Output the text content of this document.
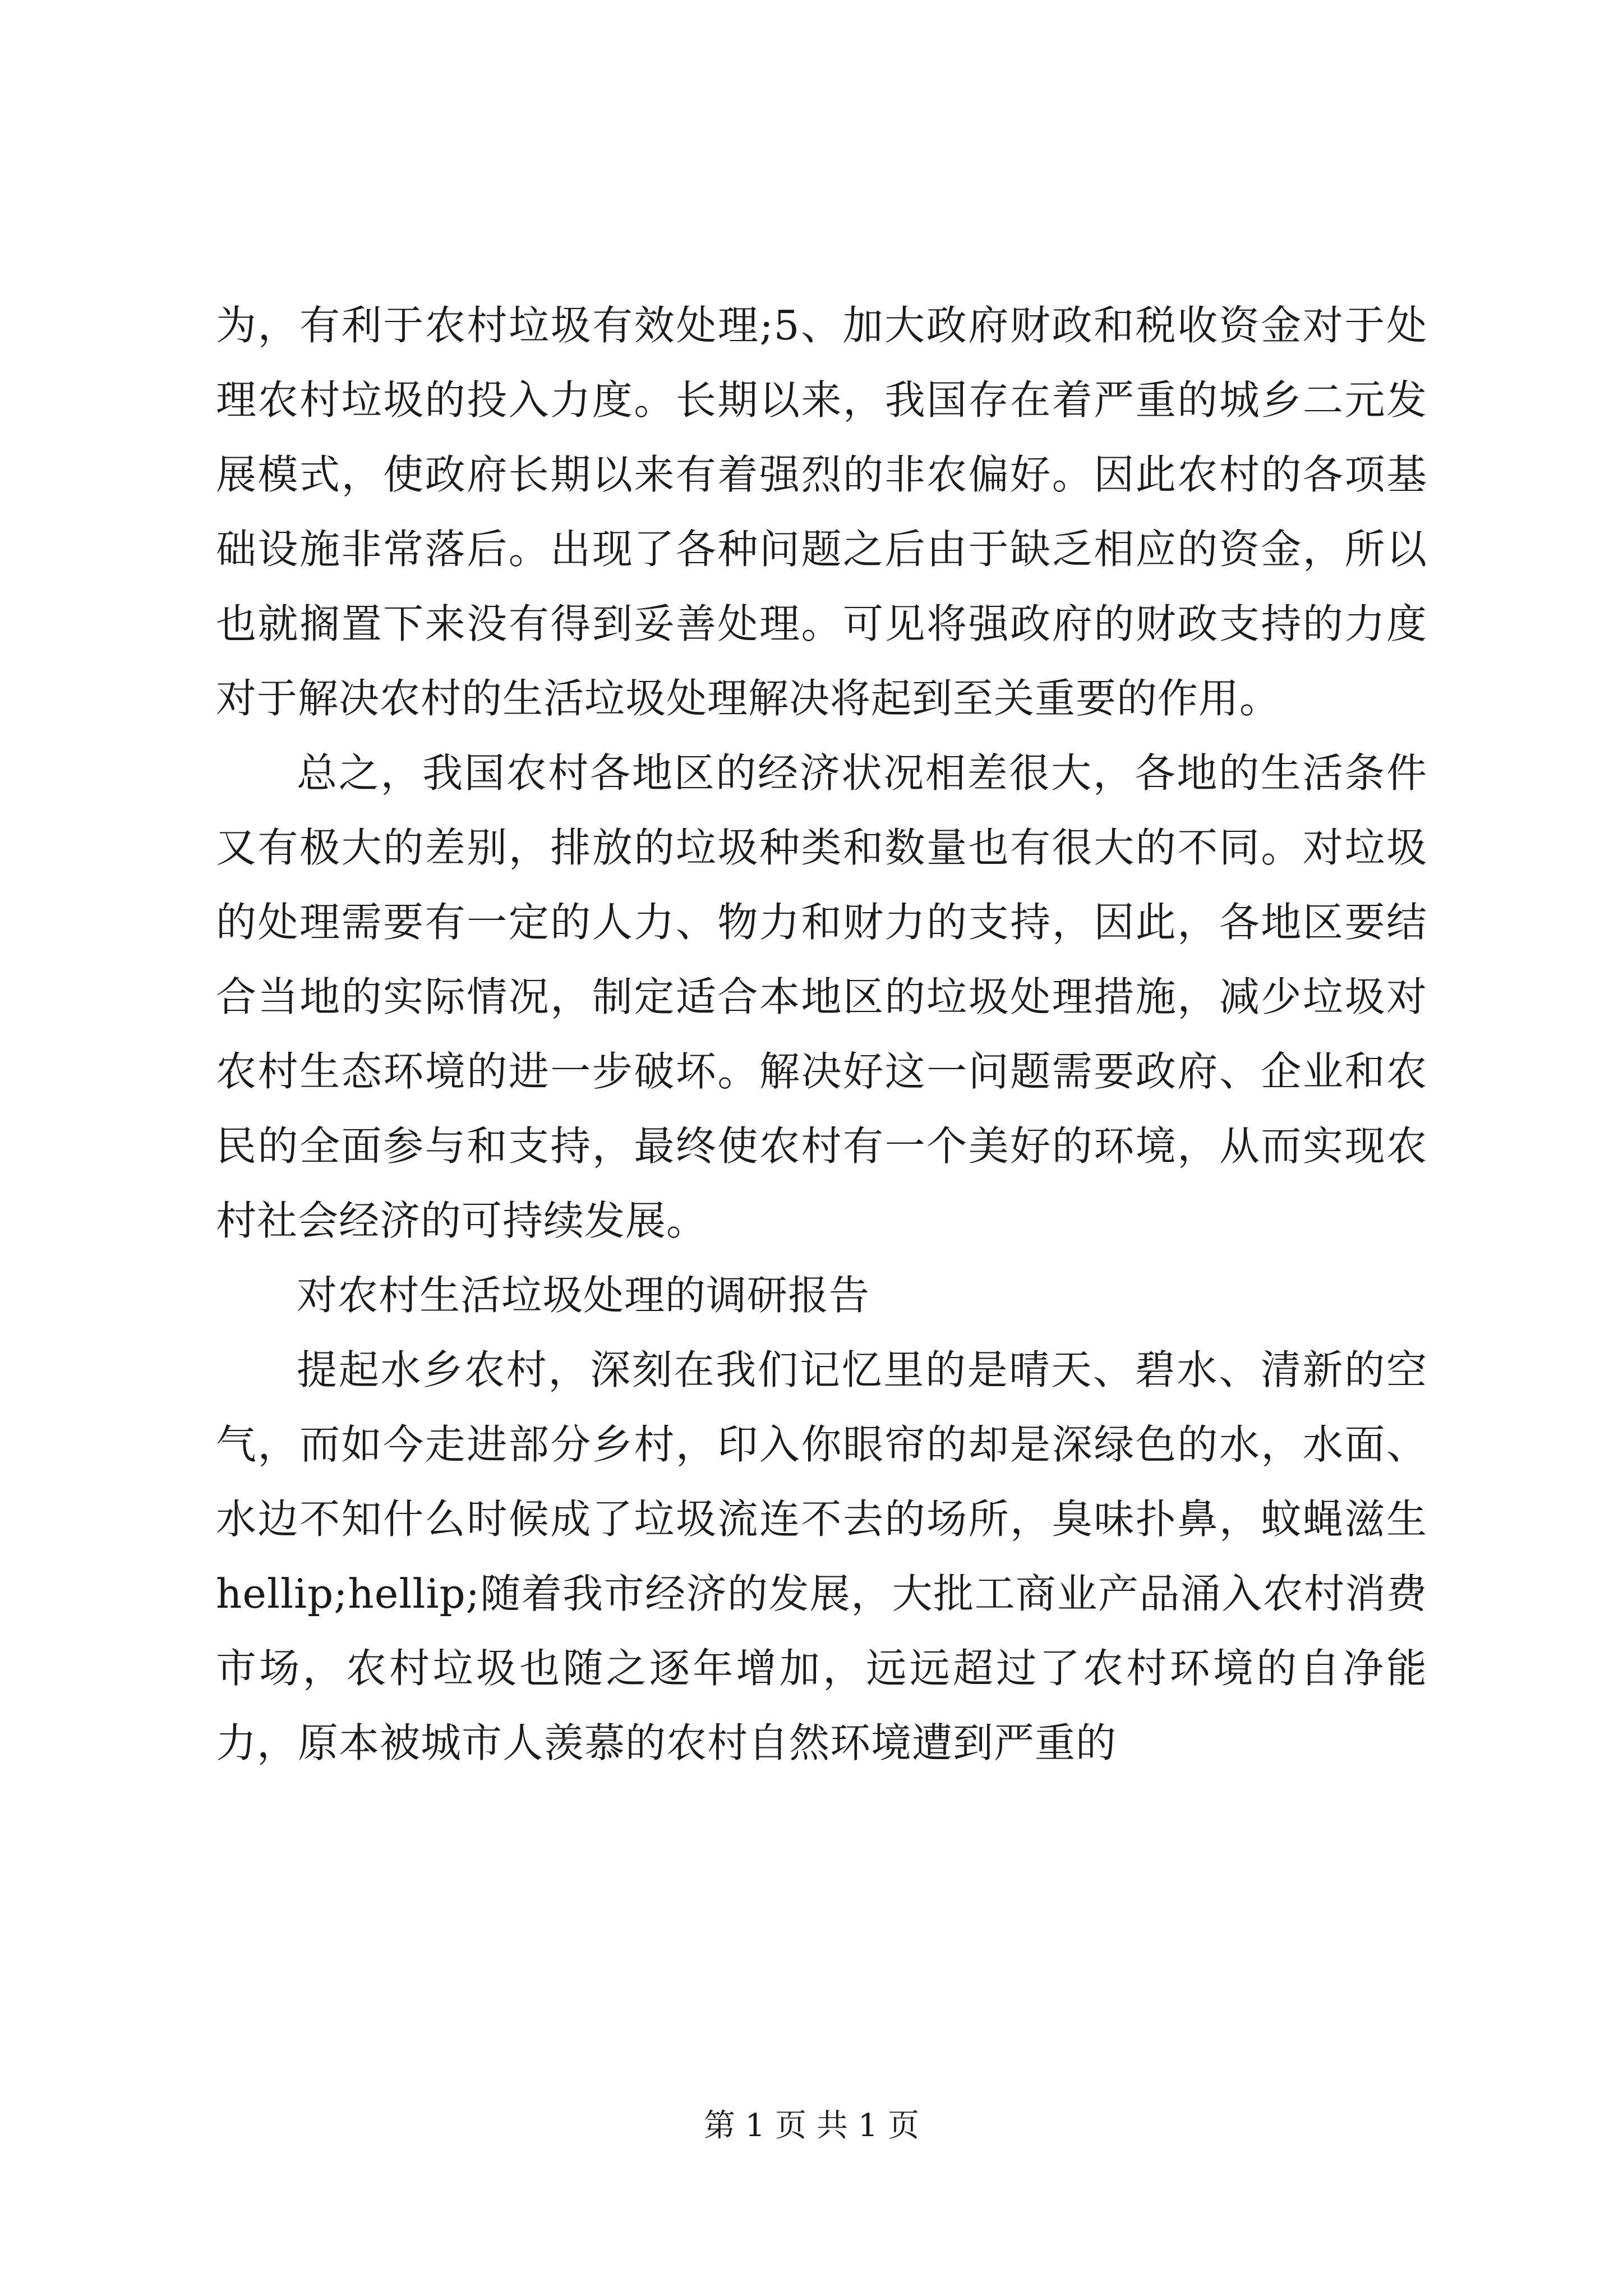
为，有利于农村垃圾有效处理;5、加大政府财政和税收资金对于处理农村垃圾的投入力度。长期以来，我国存在着严重的城乡二元发展模式，使政府长期以来有着强烈的非农偏好。因此农村的各项基础设施非常落后。出现了各种问题之后由于缺乏相应的资金，所以也就搁置下来没有得到妥善处理。可见将强政府的财政支持的力度对于解决农村的生活垃圾处理解决将起到至关重要的作用。

总之，我国农村各地区的经济状况相差很大，各地的生活条件又有极大的差别，排放的垃圾种类和数量也有很大的不同。对垃圾的处理需要有一定的人力、物力和财力的支持，因此，各地区要结合当地的实际情况，制定适合本地区的垃圾处理措施，减少垃圾对农村生态环境的进一步破坏。解决好这一问题需要政府、企业和农民的全面参与和支持，最终使农村有一个美好的环境，从而实现农村社会经济的可持续发展。

对农村生活垃圾处理的调研报告

提起水乡农村，深刻在我们记忆里的是晴天、碧水、清新的空气，而如今走进部分乡村，印入你眼帘的却是深绿色的水，水面、水边不知什么时候成了垃圾流连不去的场所，臭味扑鼻，蚊蝇滋生 hellip;hellip;随着我市经济的发展，大批工商业产品涌入农村消费市场，农村垃圾也随之逐年增加，远远超过了农村环境的自净能力，原本被城市人羡慕的农村自然环境遭到严重的

第 1 页 共 1 页
